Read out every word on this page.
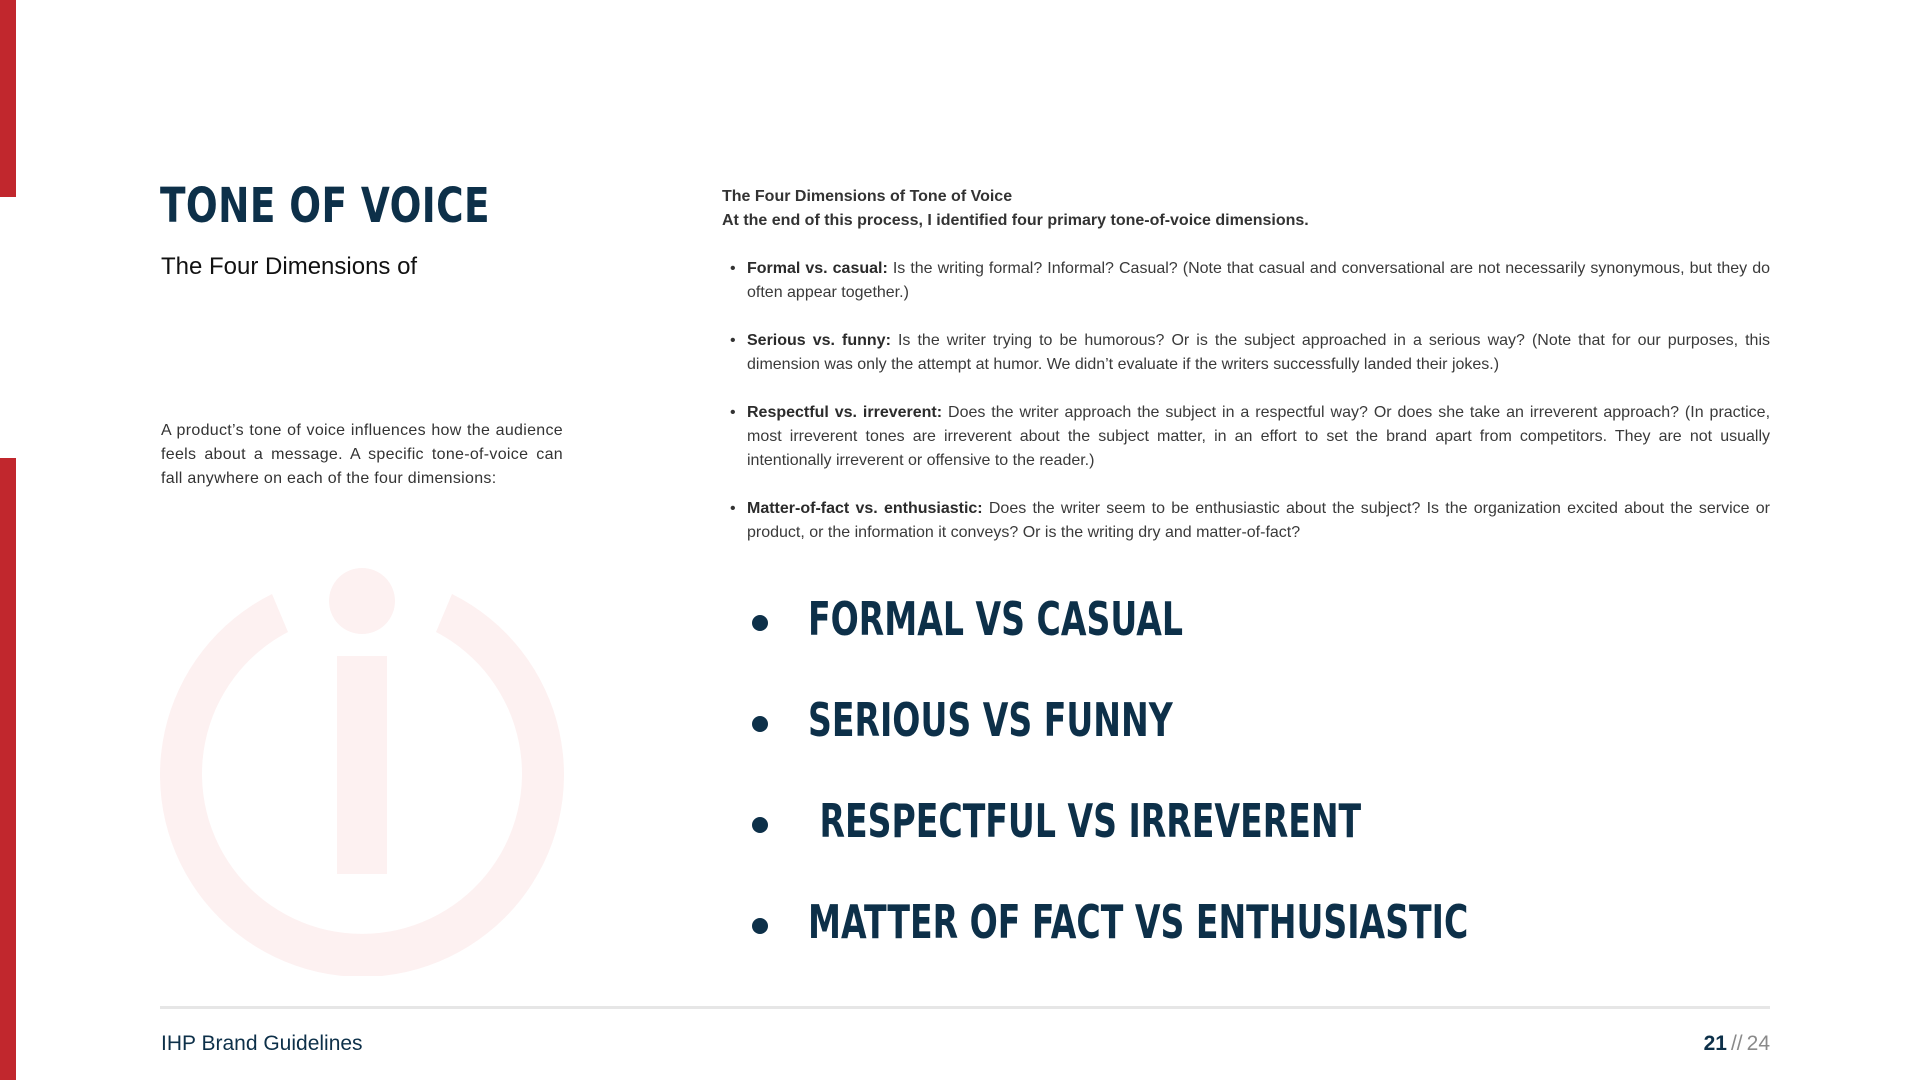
TONE OF VOICE
The Four Dimensions of
A product’s tone of voice influences how the audience feels about a message. A specific tone-of-voice can fall anywhere on each of the four dimensions:
The Four Dimensions of Tone of Voice
At the end of this process, I identified four primary tone-of-voice dimensions.
• Formal vs. casual: Is the writing formal? Informal? Casual? (Note that casual and conversational are not necessarily synonymous, but they do often appear together.)
• Serious vs. funny: Is the writer trying to be humorous? Or is the subject approached in a serious way? (Note that for our purposes, this dimension was only the attempt at humor. We didn’t evaluate if the writers successfully landed their jokes.)
• Respectful vs. irreverent: Does the writer approach the subject in a respectful way? Or does she take an irreverent approach? (In practice, most irreverent tones are irreverent about the subject matter, in an effort to set the brand apart from competitors. They are not usually intentionally irreverent or offensive to the reader.)
• Matter-of-fact vs. enthusiastic: Does the writer seem to be enthusiastic about the subject? Is the organization excited about the service or product, or the information it conveys? Or is the writing dry and matter-of-fact?
FORMAL VS CASUAL
SERIOUS VS FUNNY
RESPECTFUL VS IRREVERENT
MATTER OF FACT VS ENTHUSIASTIC
IHP Brand Guidelines	21 // 24
